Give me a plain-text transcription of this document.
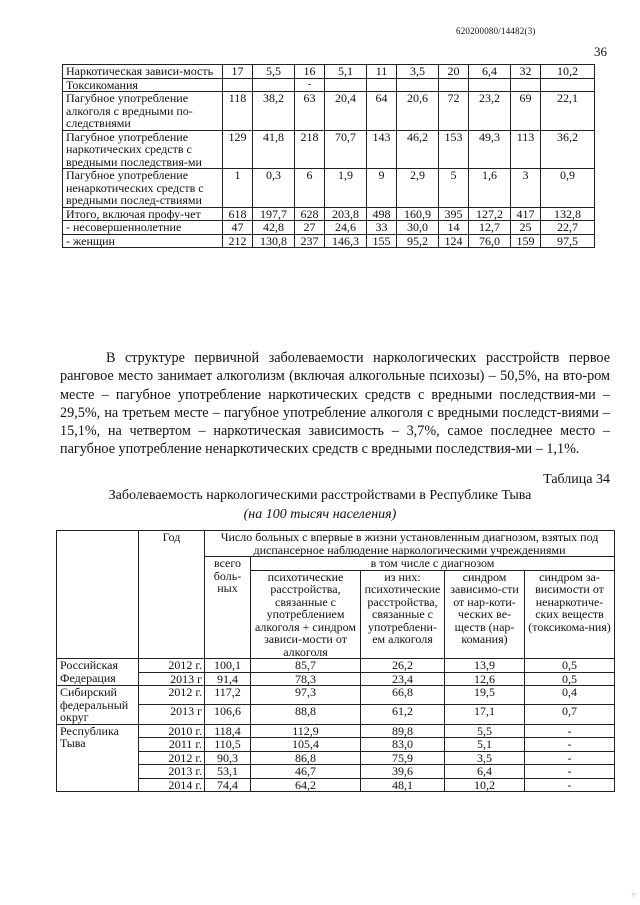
620200080/14482(3)
36
Наркотическая зависи-мость	17	5,5	16	5,1	11	3,5	20	6,4	32	10,2
Токсикомания			-							
Пагубное употребление алкоголя с вредными по-следствиями	118	38,2	63	20,4	64	20,6	72	23,2	69	22,1
Пагубное употребление наркотических средств с вредными последствия-ми	129	41,8	218	70,7	143	46,2	153	49,3	113	36,2
Пагубное употребление ненаркотических средств с вредными послед-ствиями	1	0,3	6	1,9	9	2,9	5	1,6	3	0,9
Итого, включая профу-чет	618	197,7	628	203,8	498	160,9	395	127,2	417	132,8
- несовершеннолетние	47	42,8	27	24,6	33	30,0	14	12,7	25	22,7
- женщин	212	130,8	237	146,3	155	95,2	124	76,0	159	97,5
В структуре первичной заболеваемости наркологических расстройств первое ранговое место занимает алкоголизм (включая алкогольные психозы) – 50,5%, на вто-ром месте – пагубное употребление наркотических средств с вредными последствия-ми – 29,5%, на третьем месте – пагубное употребление алкоголя с вредными последст-виями – 15,1%, на четвертом – наркотическая зависимость – 3,7%, самое последнее место – пагубное употребление ненаркотических средств с вредными последствия-ми – 1,1%.
Таблица 34
Заболеваемость наркологическими расстройствами в Республике Тыва
(на 100 тысяч населения)
	Год	Число больных с впервые в жизни установленным диагнозом, взятых под диспансерное наблюдение наркологическими учреждениями				
		всего боль-ных	в том числе с диагнозом			
			психотические расстройства, связанные с употреблением алкоголя + синдром зависи-мости от алкоголя	из них: психотические расстройства, связанные с употреблени-ем алкоголя	синдром зависимо-сти от нар-коти-ческих ве-ществ (нар-комания)	синдром за-висимости от ненаркотиче-ских веществ (токсикома-ния)
Российская Федерация	2012 г.	100,1	85,7	26,2	13,9	0,5
	2013 г	91,4	78,3	23,4	12,6	0,5
Сибирский федеральный округ	2012 г.	117,2	97,3	66,8	19,5	0,4
	2013 г	106,6	88,8	61,2	17,1	0,7
Республика Тыва	2010 г.	118,4	112,9	89,8	5,5	-
	2011 г.	110,5	105,4	83,0	5,1	-
	2012 г.	90,3	86,8	75,9	3,5	-
	2013 г.	53,1	46,7	39,6	6,4	-
	2014 г.	74,4	64,2	48,1	10,2	-
○
